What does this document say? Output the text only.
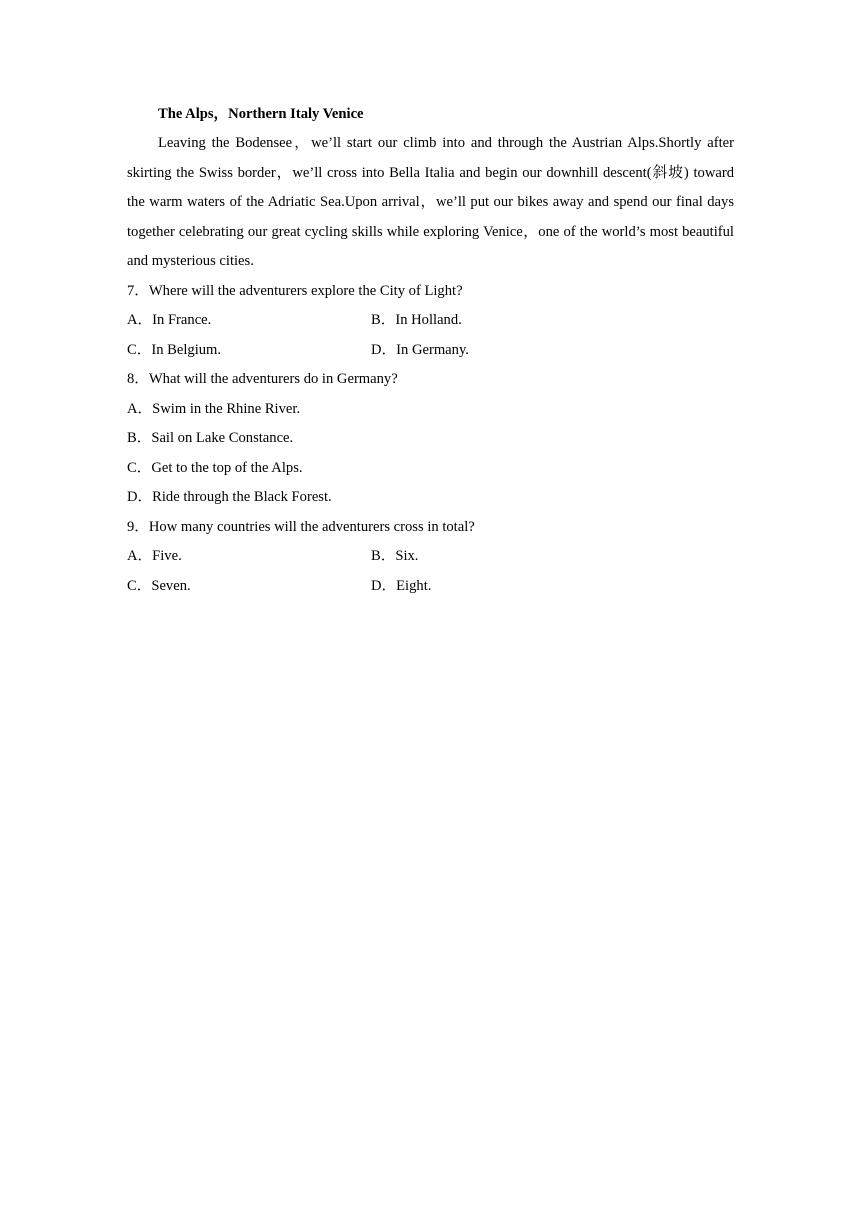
The Alps，Northern Italy Venice

Leaving the Bodensee，we’ll start our climb into and through the Austrian Alps.Shortly after skirting the Swiss border，we’ll cross into Bella Italia and begin our downhill descent(斜坡) toward the warm waters of the Adriatic Sea.Upon arrival，we’ll put our bikes away and spend our final days together celebrating our great cycling skills while exploring Venice，one of the world’s most beautiful and mysterious cities.

7．Where will the adventurers explore the City of Light?
A．In France.	B．In Holland.
C．In Belgium.	D．In Germany.
8．What will the adventurers do in Germany?
A．Swim in the Rhine River.
B．Sail on Lake Constance.
C．Get to the top of the Alps.
D．Ride through the Black Forest.
9．How many countries will the adventurers cross in total?
A．Five.	B．Six.
C．Seven.	D．Eight.
